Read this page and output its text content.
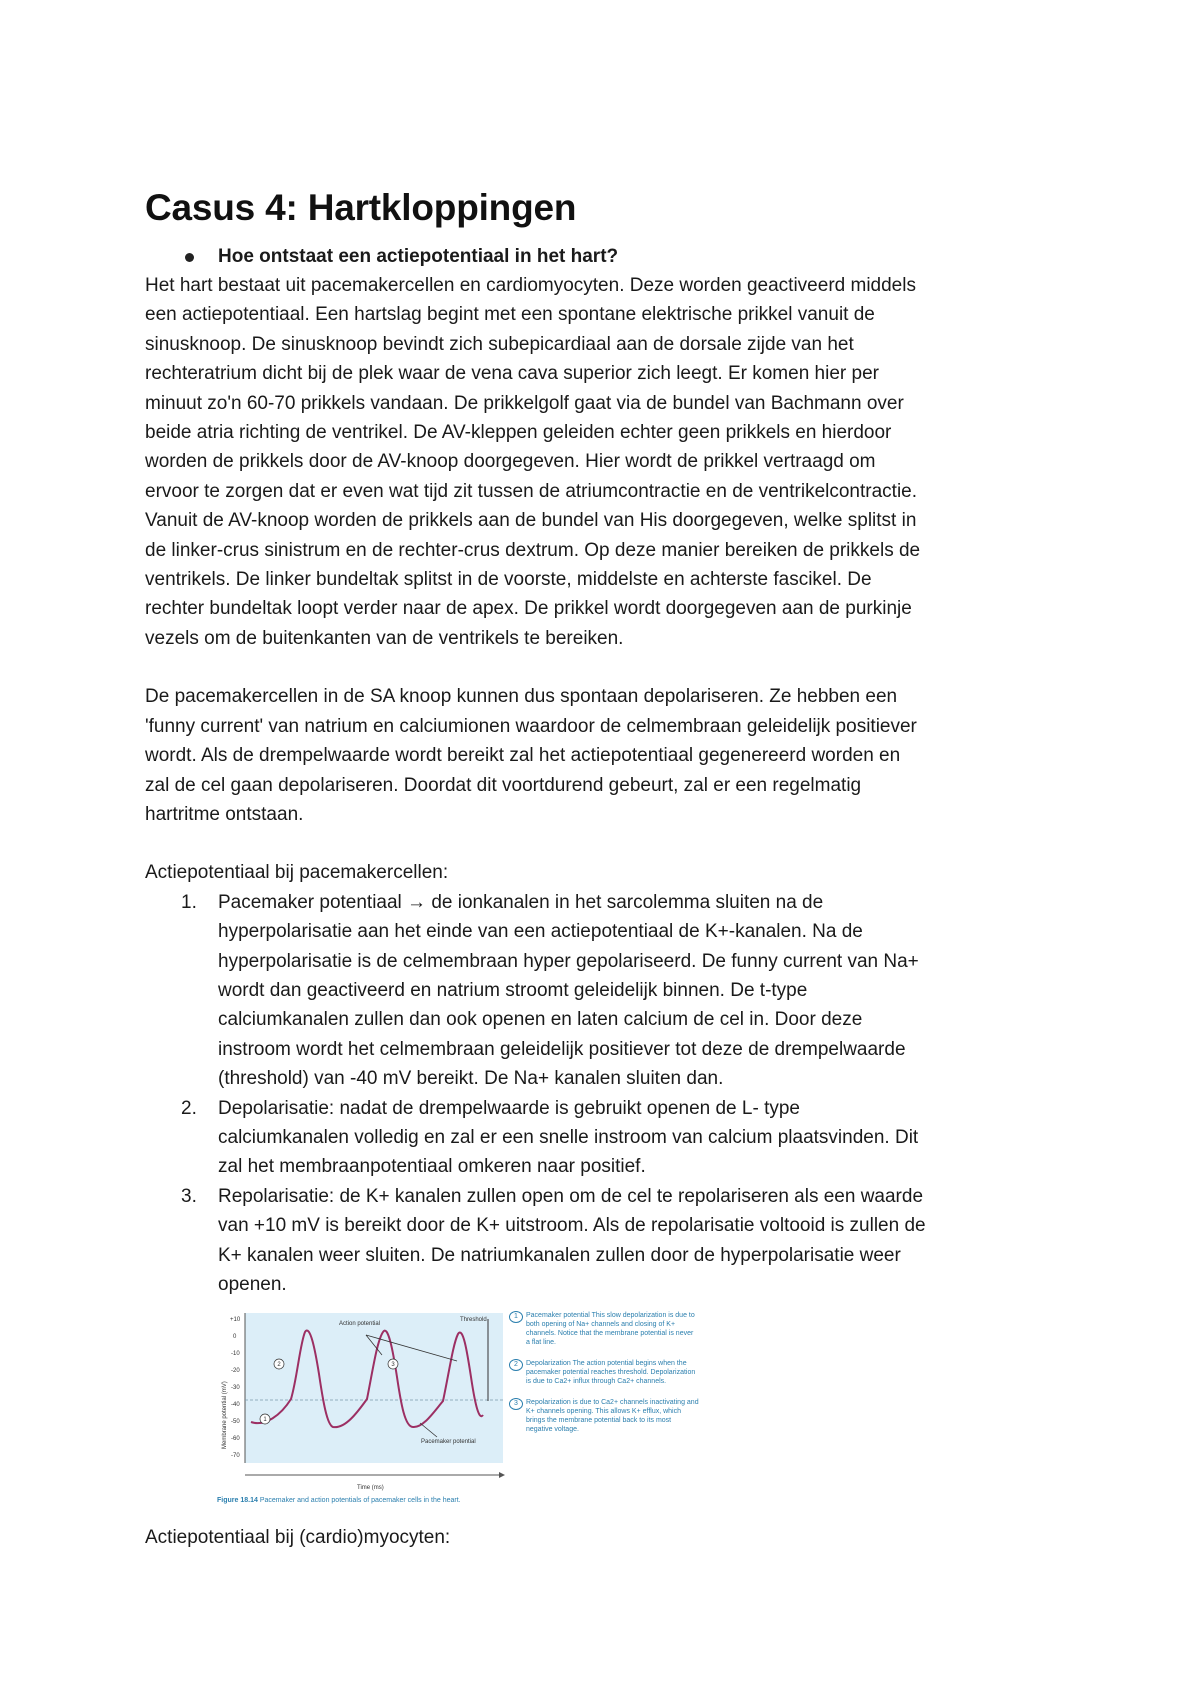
Casus 4: Hartkloppingen
Hoe ontstaat een actiepotentiaal in het hart?

Het hart bestaat uit pacemakercellen en cardiomyocyten. Deze worden geactiveerd middels
een actiepotentiaal. Een hartslag begint met een spontane elektrische prikkel vanuit de
sinusknoop. De sinusknoop bevindt zich subepicardiaal aan de dorsale zijde van het
rechteratrium dicht bij de plek waar de vena cava superior zich leegt. Er komen hier per
minuut zo'n 60-70 prikkels vandaan. De prikkelgolf gaat via de bundel van Bachmann over
beide atria richting de ventrikel. De AV-kleppen geleiden echter geen prikkels en hierdoor
worden de prikkels door de AV-knoop doorgegeven. Hier wordt de prikkel vertraagd om
ervoor te zorgen dat er even wat tijd zit tussen de atriumcontractie en de ventrikelcontractie.
Vanuit de AV-knoop worden de prikkels aan de bundel van His doorgegeven, welke splitst in
de linker-crus sinistrum en de rechter-crus dextrum. Op deze manier bereiken de prikkels de
ventrikels. De linker bundeltak splitst in de voorste, middelste en achterste fascikel. De
rechter bundeltak loopt verder naar de apex. De prikkel wordt doorgegeven aan de purkinje
vezels om de buitenkanten van de ventrikels te bereiken.

De pacemakercellen in de SA knoop kunnen dus spontaan depolariseren. Ze hebben een
'funny current' van natrium en calciumionen waardoor de celmembraan geleidelijk positiever
wordt. Als de drempelwaarde wordt bereikt zal het actiepotentiaal gegenereerd worden en
zal de cel gaan depolariseren. Doordat dit voortdurend gebeurt, zal er een regelmatig
hartritme ontstaan.

Actiepotentiaal bij pacemakercellen:

1. Pacemaker potentiaal → de ionkanalen in het sarcolemma sluiten na de
hyperpolarisatie aan het einde van een actiepotentiaal de K+-kanalen. Na de
hyperpolarisatie is de celmembraan hyper gepolariseerd. De funny current van Na+
wordt dan geactiveerd en natrium stroomt geleidelijk binnen. De t-type
calciumkanalen zullen dan ook openen en laten calcium de cel in. Door deze
instroom wordt het celmembraan geleidelijk positiever tot deze de drempelwaarde
(threshold) van -40 mV bereikt. De Na+ kanalen sluiten dan.
2. Depolarisatie: nadat de drempelwaarde is gebruikt openen de L- type
calciumkanalen volledig en zal er een snelle instroom van calcium plaatsvinden. Dit
zal het membraanpotentiaal omkeren naar positief.
3. Repolarisatie: de K+ kanalen zullen open om de cel te repolariseren als een waarde
van +10 mV is bereikt door de K+ uitstroom. Als de repolarisatie voltooid is zullen de
K+ kanalen weer sluiten. De natriumkanalen zullen door de hyperpolarisatie weer
openen.
Action potential
Threshold
Pacemaker potential
Time (ms)
Membrane potential (mV)
+10
0
-10
-20
-30
-40
-50
-60
-70
1
2	3
1	Pacemaker potential This slow depolarization is due to both opening of Na+ channels and closing of K+ channels. Notice that the membrane potential is never a flat line.
2	Depolarization The action potential begins when the pacemaker potential reaches threshold. Depolarization is due to Ca2+ influx through Ca2+ channels.
3	Repolarization is due to Ca2+ channels inactivating and K+ channels opening. This allows K+ efflux, which brings the membrane potential back to its most negative voltage.
Figure 18.14 Pacemaker and action potentials of pacemaker cells in the heart.

Actiepotentiaal bij (cardio)myocyten:
